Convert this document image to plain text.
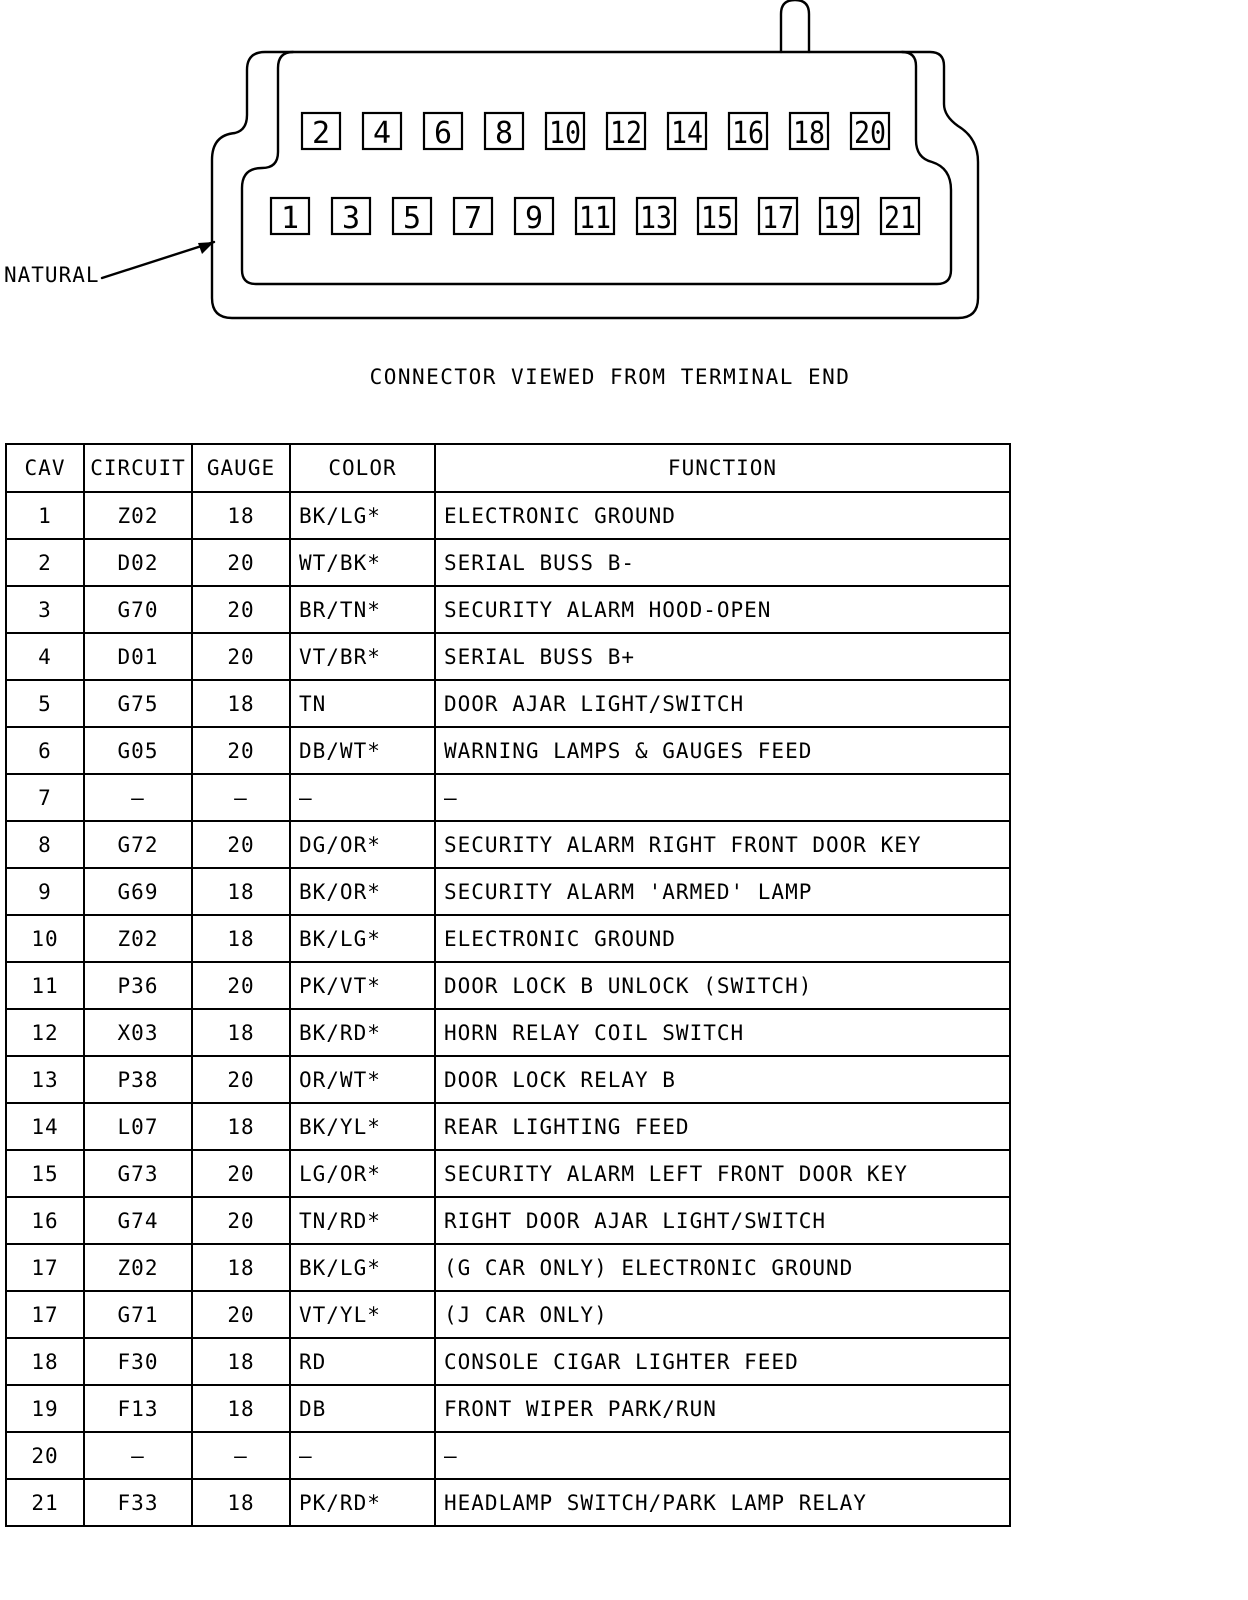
2 4 6 8 10 12 14 16 18 20
1 3 5 7 9 11 13 15 17 19 21
NATURAL
CONNECTOR VIEWED FROM TERMINAL END
CAV	CIRCUIT	GAUGE	COLOR	FUNCTION
1	Z02	18	BK/LG*	ELECTRONIC GROUND
2	D02	20	WT/BK*	SERIAL BUSS B-
3	G70	20	BR/TN*	SECURITY ALARM HOOD-OPEN
4	D01	20	VT/BR*	SERIAL BUSS B+
5	G75	18	TN	DOOR AJAR LIGHT/SWITCH
6	G05	20	DB/WT*	WARNING LAMPS & GAUGES FEED
7	—	—	—	—
8	G72	20	DG/OR*	SECURITY ALARM RIGHT FRONT DOOR KEY
9	G69	18	BK/OR*	SECURITY ALARM 'ARMED' LAMP
10	Z02	18	BK/LG*	ELECTRONIC GROUND
11	P36	20	PK/VT*	DOOR LOCK B UNLOCK (SWITCH)
12	X03	18	BK/RD*	HORN RELAY COIL SWITCH
13	P38	20	OR/WT*	DOOR LOCK RELAY B
14	L07	18	BK/YL*	REAR LIGHTING FEED
15	G73	20	LG/OR*	SECURITY ALARM LEFT FRONT DOOR KEY
16	G74	20	TN/RD*	RIGHT DOOR AJAR LIGHT/SWITCH
17	Z02	18	BK/LG*	(G CAR ONLY) ELECTRONIC GROUND
17	G71	20	VT/YL*	(J CAR ONLY)
18	F30	18	RD	CONSOLE CIGAR LIGHTER FEED
19	F13	18	DB	FRONT WIPER PARK/RUN
20	—	—	—	—
21	F33	18	PK/RD*	HEADLAMP SWITCH/PARK LAMP RELAY
